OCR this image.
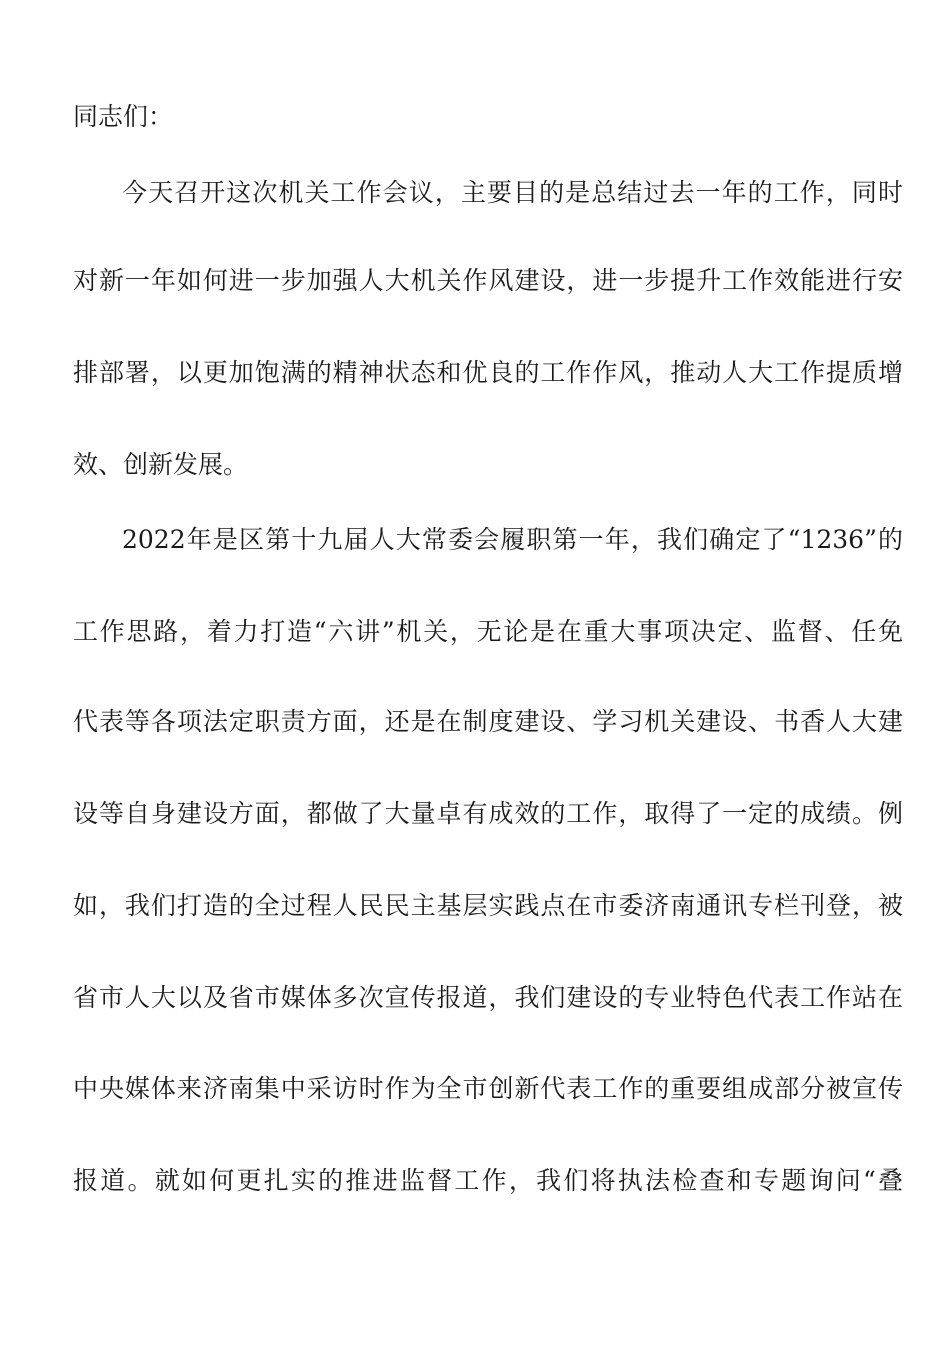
同志们：
今天召开这次机关工作会议，主要目的是总结过去一年的工作，同时
对新一年如何进一步加强人大机关作风建设，进一步提升工作效能进行安
排部署，以更加饱满的精神状态和优良的工作作风，推动人大工作提质增
效、创新发展。
2022年是区第十九届人大常委会履职第一年，我们确定了“1236”的
工作思路，着力打造“六讲”机关，无论是在重大事项决定、监督、任免
代表等各项法定职责方面，还是在制度建设、学习机关建设、书香人大建
设等自身建设方面，都做了大量卓有成效的工作，取得了一定的成绩。例
如，我们打造的全过程人民民主基层实践点在市委济南通讯专栏刊登，被
省市人大以及省市媒体多次宣传报道，我们建设的专业特色代表工作站在
中央媒体来济南集中采访时作为全市创新代表工作的重要组成部分被宣传
报道。就如何更扎实的推进监督工作，我们将执法检查和专题询问“叠
